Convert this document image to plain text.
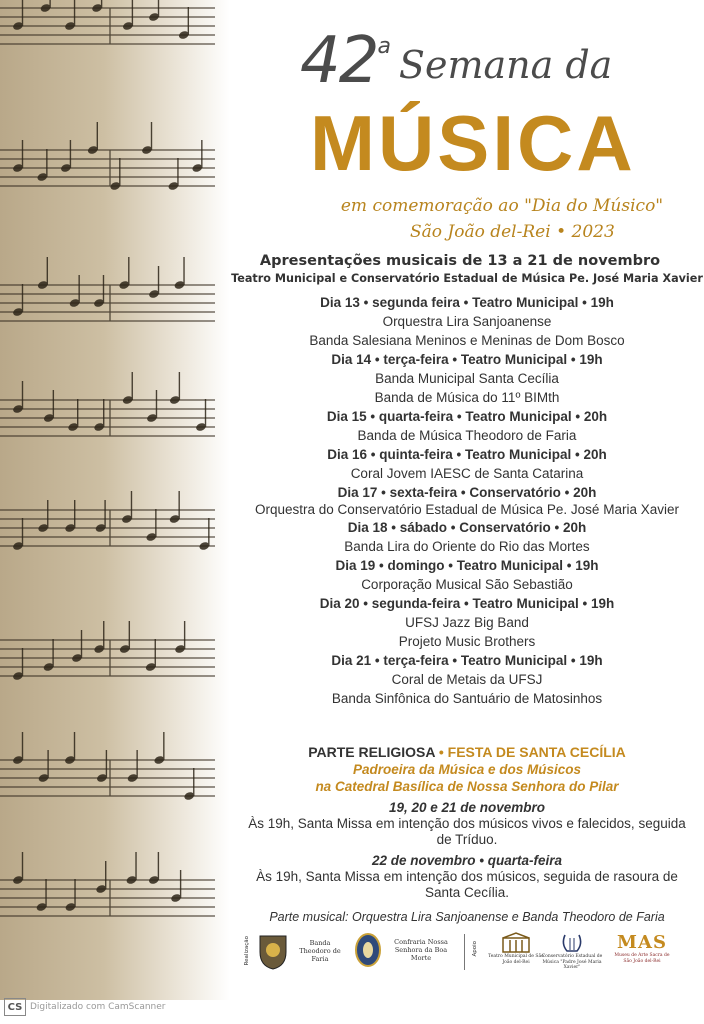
42a Semana da
MÚSICA
em comemoração ao "Dia do Músico"
São João del-Rei • 2023
Apresentações musicais de 13 a 21 de novembro
Teatro Municipal e Conservatório Estadual de Música Pe. José Maria Xavier
Dia 13 • segunda feira • Teatro Municipal • 19h
Orquestra Lira Sanjoanense
Banda Salesiana Meninos e Meninas de Dom Bosco
Dia 14 • terça-feira • Teatro Municipal • 19h
Banda Municipal Santa Cecília
Banda de Música do 11º BIMth
Dia 15 • quarta-feira • Teatro Municipal • 20h
Banda de Música Theodoro de Faria
Dia 16 • quinta-feira • Teatro Municipal • 20h
Coral Jovem IAESC de Santa Catarina
Dia 17 • sexta-feira • Conservatório • 20h
Orquestra do Conservatório Estadual de Música Pe. José Maria Xavier
Dia 18 • sábado • Conservatório • 20h
Banda Lira do Oriente do Rio das Mortes
Dia 19 • domingo • Teatro Municipal • 19h
Corporação Musical São Sebastião
Dia 20 • segunda-feira • Teatro Municipal • 19h
UFSJ Jazz Big Band
Projeto Music Brothers
Dia 21 • terça-feira • Teatro Municipal • 19h
Coral de Metais da UFSJ
Banda Sinfônica do Santuário de Matosinhos
PARTE RELIGIOSA • FESTA DE SANTA CECÍLIA
Padroeira da Música e dos Músicos
na Catedral Basílica de Nossa Senhora do Pilar
19, 20 e 21 de novembro
Às 19h, Santa Missa em intenção dos músicos vivos e falecidos, seguida de Tríduo.
22 de novembro • quarta-feira
Às 19h, Santa Missa em intenção dos músicos, seguida de rasoura de Santa Cecília.
Parte musical: Orquestra Lira Sanjoanense e Banda Theodoro de Faria
Realização	Banda Theodoro de Faria
Confraria Nossa Senhora da Boa Morte
Apoio
Teatro Municipal de São João del-Rei
Conservatório Estadual de Música "Padre José Maria Xavier"
MAS
Museu de Arte Sacra de São João del-Rei
CS Digitalizado com CamScanner
